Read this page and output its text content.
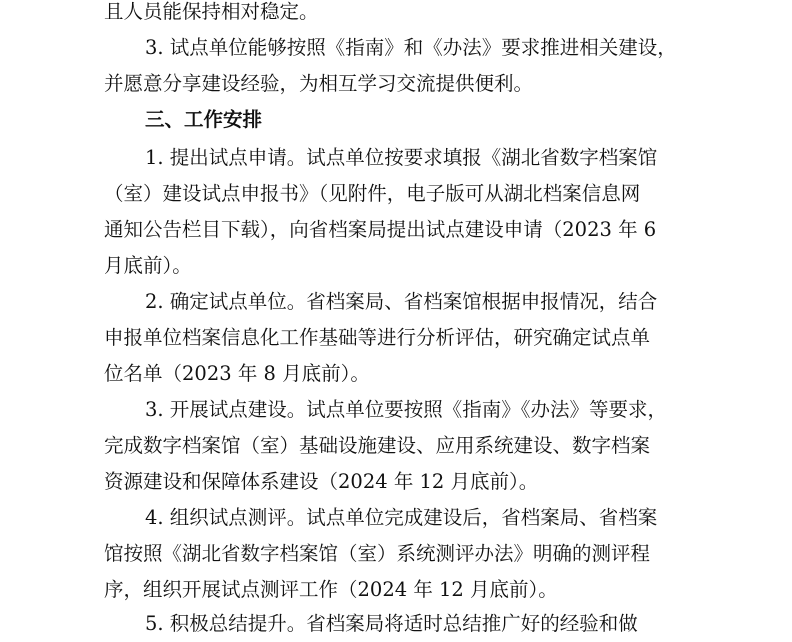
且人员能保持相对稳定。
3. 试点单位能够按照《指南》和《办法》要求推进相关建设，
并愿意分享建设经验，为相互学习交流提供便利。
三、工作安排
1. 提出试点申请。试点单位按要求填报《湖北省数字档案馆
（室）建设试点申报书》（见附件，电子版可从湖北档案信息网
通知公告栏目下载），向省档案局提出试点建设申请（2023 年 6
月底前）。
2. 确定试点单位。省档案局、省档案馆根据申报情况，结合
申报单位档案信息化工作基础等进行分析评估，研究确定试点单
位名单（2023 年 8 月底前）。
3. 开展试点建设。试点单位要按照《指南》《办法》等要求，
完成数字档案馆（室）基础设施建设、应用系统建设、数字档案
资源建设和保障体系建设（2024 年 12 月底前）。
4. 组织试点测评。试点单位完成建设后，省档案局、省档案
馆按照《湖北省数字档案馆（室）系统测评办法》明确的测评程
序，组织开展试点测评工作（2024 年 12 月底前）。
5. 积极总结提升。省档案局将适时总结推广好的经验和做
